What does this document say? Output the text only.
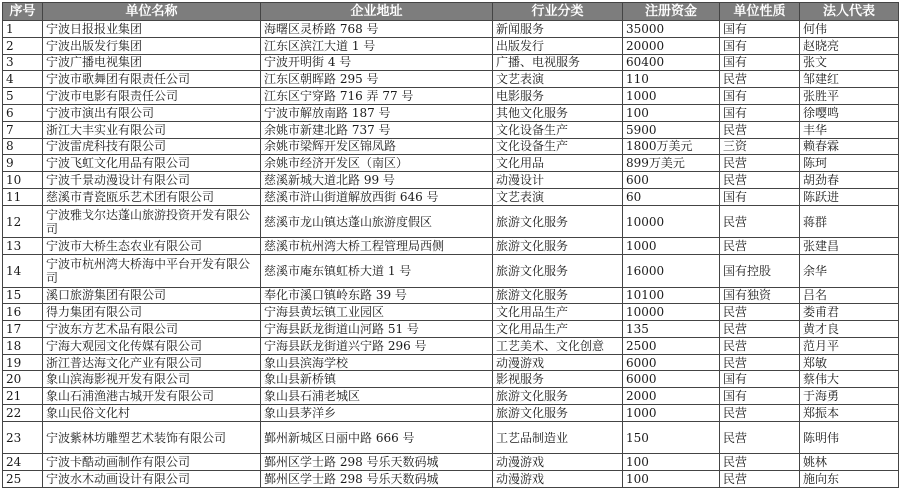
序号	单位名称	企业地址	行业分类	注册资金	单位性质	法人代表
1	宁波日报报业集团	海曙区灵桥路 768 号	新闻服务	35000	国有	何伟
2	宁波出版发行集团	江东区滨江大道 1 号	出版发行	20000	国有	赵晓亮
3	宁波广播电视集团	宁波开明街 4 号	广播、电视服务	60400	国有	张文
4	宁波市歌舞团有限责任公司	江东区朝晖路 295 号	文艺表演	110	民营	邹建红
5	宁波市电影有限责任公司	江东区宁穿路 716 弄 77 号	电影服务	1000	国有	张胜平
6	宁波市演出有限公司	宁波市解放南路 187 号	其他文化服务	100	国有	徐嘤鸣
7	浙江大丰实业有限公司	余姚市新建北路 737 号	文化设备生产	5900	民营	丰华
8	宁波雷虎科技有限公司	余姚市梁辉开发区锦凤路	文化设备生产	1800万美元	三资	赖春霖
9	宁波飞虹文化用品有限公司	余姚市经济开发区（南区）	文化用品	899万美元	民营	陈珂
10	宁波千景动漫设计有限公司	慈溪新城大道北路 99 号	动漫设计	600	民营	胡劲春
11	慈溪市青瓷瓯乐艺术团有限公司	慈溪市浒山街道解放西街 646 号	文艺表演	60	国有	陈跃进
12	宁波雅戈尔达蓬山旅游投资开发有限公司	慈溪市龙山镇达蓬山旅游度假区	旅游文化服务	10000	民营	蒋群
13	宁波市大桥生态农业有限公司	慈溪市杭州湾大桥工程管理局西侧	旅游文化服务	1000	民营	张建昌
14	宁波市杭州湾大桥海中平台开发有限公司	慈溪市庵东镇虹桥大道 1 号	旅游文化服务	16000	国有控股	余华
15	溪口旅游集团有限公司	奉化市溪口镇岭东路 39 号	旅游文化服务	10100	国有独资	吕名
16	得力集团有限公司	宁海县黄坛镇工业园区	文化用品生产	10000	民营	娄甫君
17	宁波东方艺术品有限公司	宁海县跃龙街道山河路 51 号	文化用品生产	135	民营	黄才良
18	宁海大观园文化传媒有限公司	宁海县跃龙街道兴宁路 296 号	工艺美术、文化创意	2500	民营	范月平
19	浙江普达海文化产业有限公司	象山县滨海学校	动漫游戏	6000	民营	郑敏
20	象山滨海影视开发有限公司	象山县新桥镇	影视服务	6000	国有	蔡伟大
21	象山石浦渔港古城开发有限公司	象山县石浦老城区	旅游文化服务	2000	国有	于海勇
22	象山民俗文化村	象山县茅洋乡	旅游文化服务	1000	民营	郑振本
23	宁波紫林坊雕塑艺术装饰有限公司	鄞州新城区日丽中路 666 号	工艺品制造业	150	民营	陈明伟
24	宁波卡酷动画制作有限公司	鄞州区学士路 298 号乐天数码城	动漫游戏	100	民营	姚林
25	宁波水木动画设计有限公司	鄞州区学士路 298 号乐天数码城	动漫游戏	100	民营	施向东
